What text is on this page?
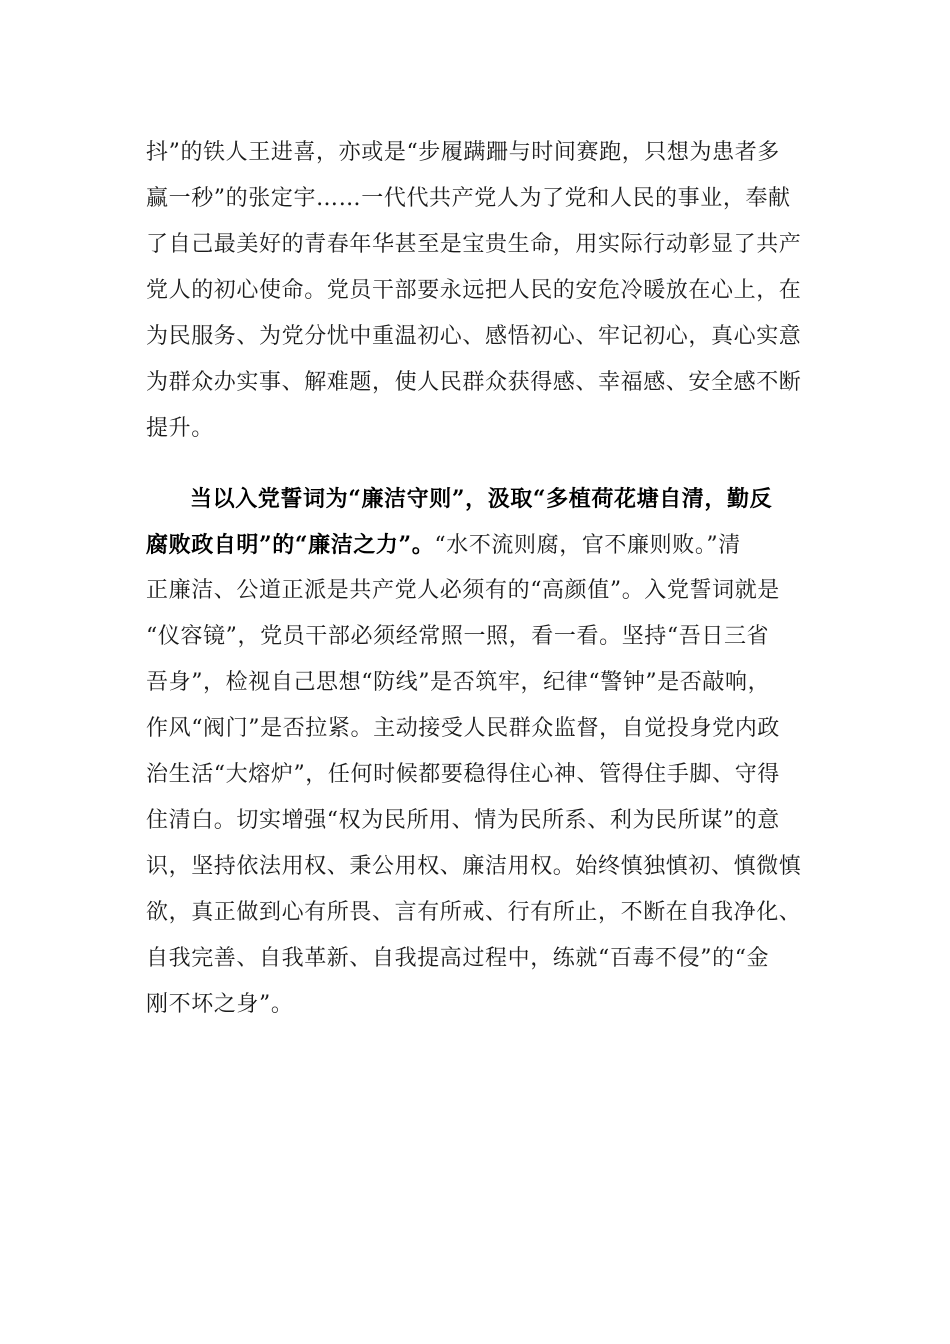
抖”的铁人王进喜，亦或是“步履蹒跚与时间赛跑，只想为患者多
赢一秒”的张定宇……一代代共产党人为了党和人民的事业，奉献
了自己最美好的青春年华甚至是宝贵生命，用实际行动彰显了共产
党人的初心使命。党员干部要永远把人民的安危冷暖放在心上，在
为民服务、为党分忧中重温初心、感悟初心、牢记初心，真心实意
为群众办实事、解难题，使人民群众获得感、幸福感、安全感不断
提升。
当以入党誓词为“廉洁守则”，汲取“多植荷花塘自清，勤反
腐败政自明”的“廉洁之力”。“水不流则腐，官不廉则败。”清
正廉洁、公道正派是共产党人必须有的“高颜值”。入党誓词就是
“仪容镜”，党员干部必须经常照一照，看一看。坚持“吾日三省
吾身”，检视自己思想“防线”是否筑牢，纪律“警钟”是否敲响，
作风“阀门”是否拉紧。主动接受人民群众监督，自觉投身党内政
治生活“大熔炉”，任何时候都要稳得住心神、管得住手脚、守得
住清白。切实增强“权为民所用、情为民所系、利为民所谋”的意
识，坚持依法用权、秉公用权、廉洁用权。始终慎独慎初、慎微慎
欲，真正做到心有所畏、言有所戒、行有所止，不断在自我净化、
自我完善、自我革新、自我提高过程中，练就“百毒不侵”的“金
刚不坏之身”。
